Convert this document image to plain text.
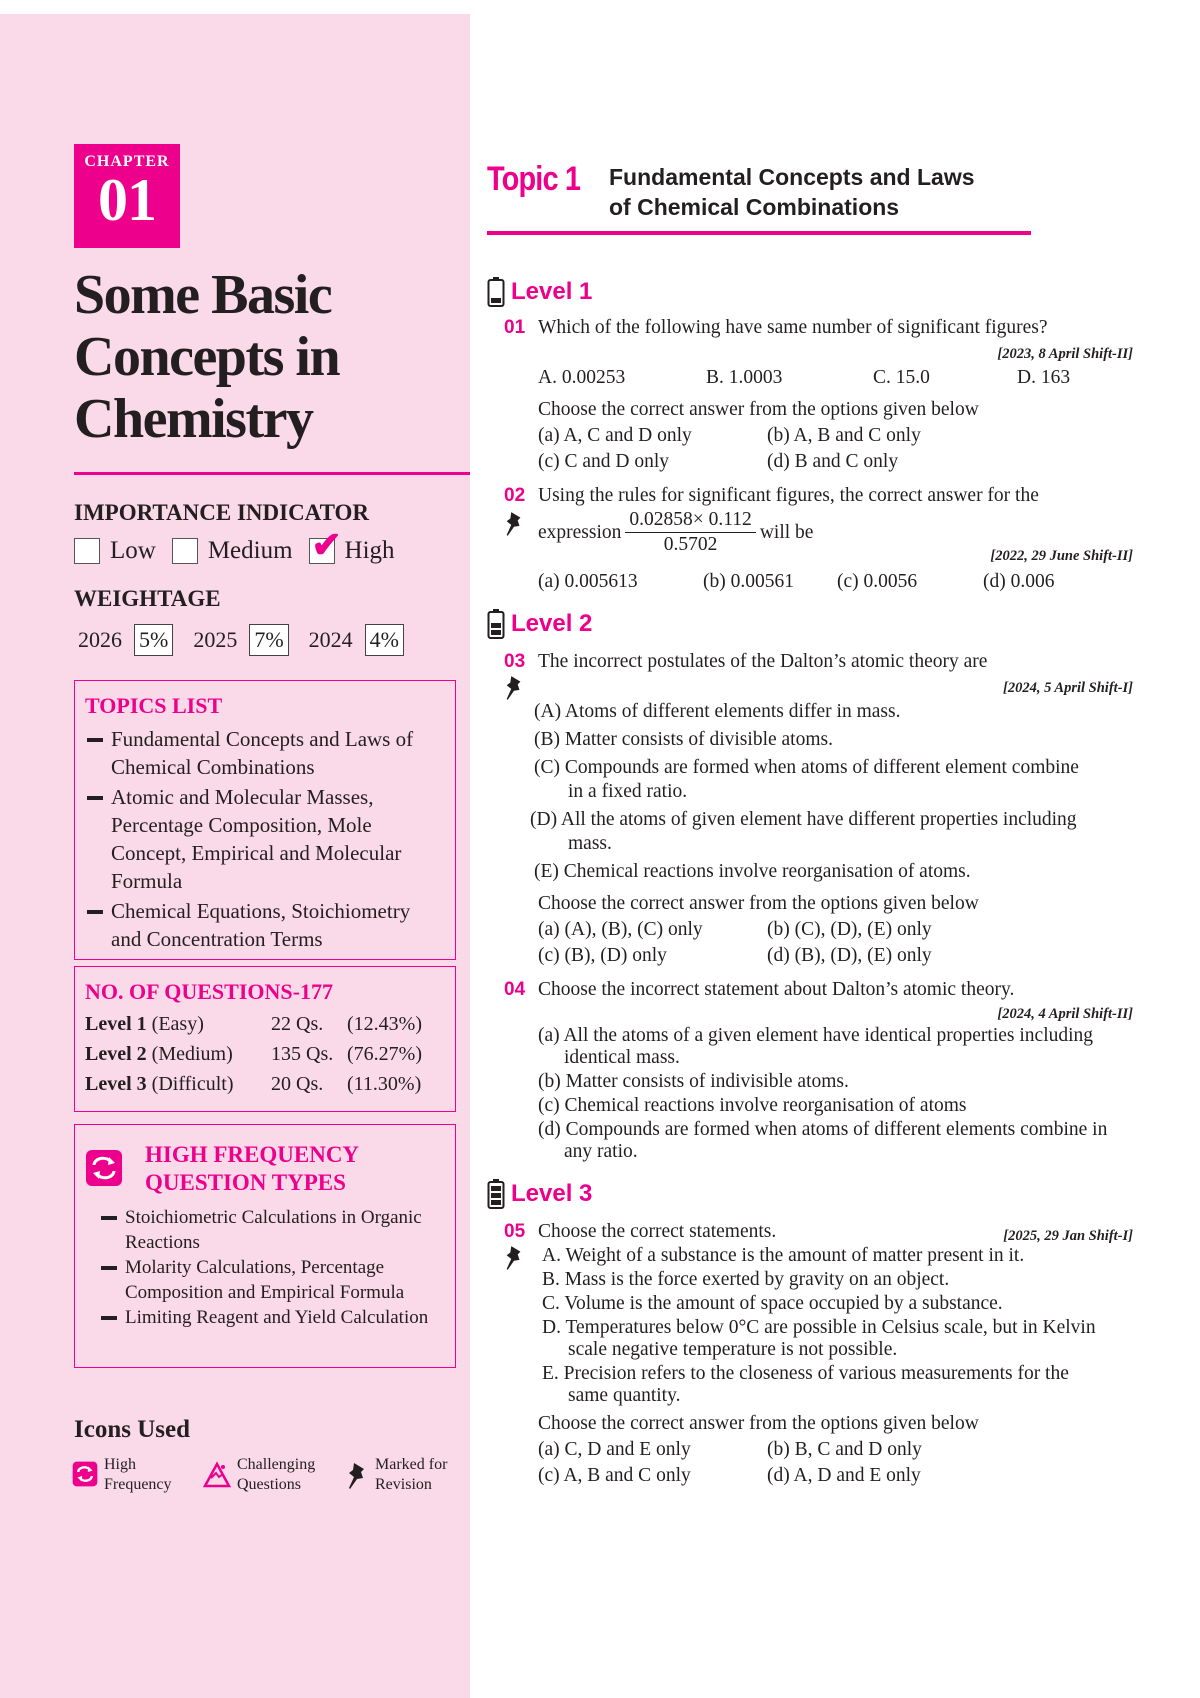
CHAPTER
01
Some Basic
Concepts in
Chemistry
IMPORTANCE INDICATOR
Low Medium ✔ High
WEIGHTAGE
2026 5% 2025 7% 2024 4%
TOPICS LIST
Fundamental Concepts and Laws of Chemical Combinations
Atomic and Molecular Masses, Percentage Composition, Mole Concept, Empirical and Molecular Formula
Chemical Equations, Stoichiometry and Concentration Terms
NO. OF QUESTIONS-177
Level 1 (Easy)	22 Qs.	(12.43%)
Level 2 (Medium)	135 Qs. (76.27%)
Level 3 (Difficult)	20 Qs.	(11.30%)
HIGH FREQUENCY
QUESTION TYPES
Stoichiometric Calculations in Organic Reactions
Molarity Calculations, Percentage Composition and Empirical Formula
Limiting Reagent and Yield Calculation
Icons Used
High
Frequency
Challenging
Questions
Marked for
Revision
Topic 1 Fundamental Concepts and Laws
of Chemical Combinations
Level 1
01 Which of the following have same number of significant figures?
[2023, 8 April Shift-II]
A. 0.00253	B. 1.0003	C. 15.0	D. 163
Choose the correct answer from the options given below
(a) A, C and D only	(b) A, B and C only
(c) C and D only	(d) B and C only
02 Using the rules for significant figures, the correct answer for the
expression $\frac{0.02858\times 0.112}{0.5702}$ will be
[2022, 29 June Shift-II]
(a) 0.005613	(b) 0.00561 (c) 0.0056	(d) 0.006
Level 2
03 The incorrect postulates of the Dalton’s atomic theory are
[2024, 5 April Shift-I]
(A) Atoms of different elements differ in mass.
(B) Matter consists of divisible atoms.
(C) Compounds are formed when atoms of different element combine
in a fixed ratio.
(D) All the atoms of given element have different properties including
mass.
(E) Chemical reactions involve reorganisation of atoms.
Choose the correct answer from the options given below
(a) (A), (B), (C) only	(b) (C), (D), (E) only
(c) (B), (D) only	(d) (B), (D), (E) only
04 Choose the incorrect statement about Dalton’s atomic theory.
[2024, 4 April Shift-II]
(a) All the atoms of a given element have identical properties including
identical mass.
(b) Matter consists of indivisible atoms.
(c) Chemical reactions involve reorganisation of atoms
(d) Compounds are formed when atoms of different elements combine in
any ratio.
Level 3
05 Choose the correct statements.	[2025, 29 Jan Shift-I]
A. Weight of a substance is the amount of matter present in it.
B. Mass is the force exerted by gravity on an object.
C. Volume is the amount of space occupied by a substance.
D. Temperatures below 0°C are possible in Celsius scale, but in Kelvin
scale negative temperature is not possible.
E. Precision refers to the closeness of various measurements for the
same quantity.
Choose the correct answer from the options given below
(a) C, D and E only	(b) B, C and D only
(c) A, B and C only	(d) A, D and E only
